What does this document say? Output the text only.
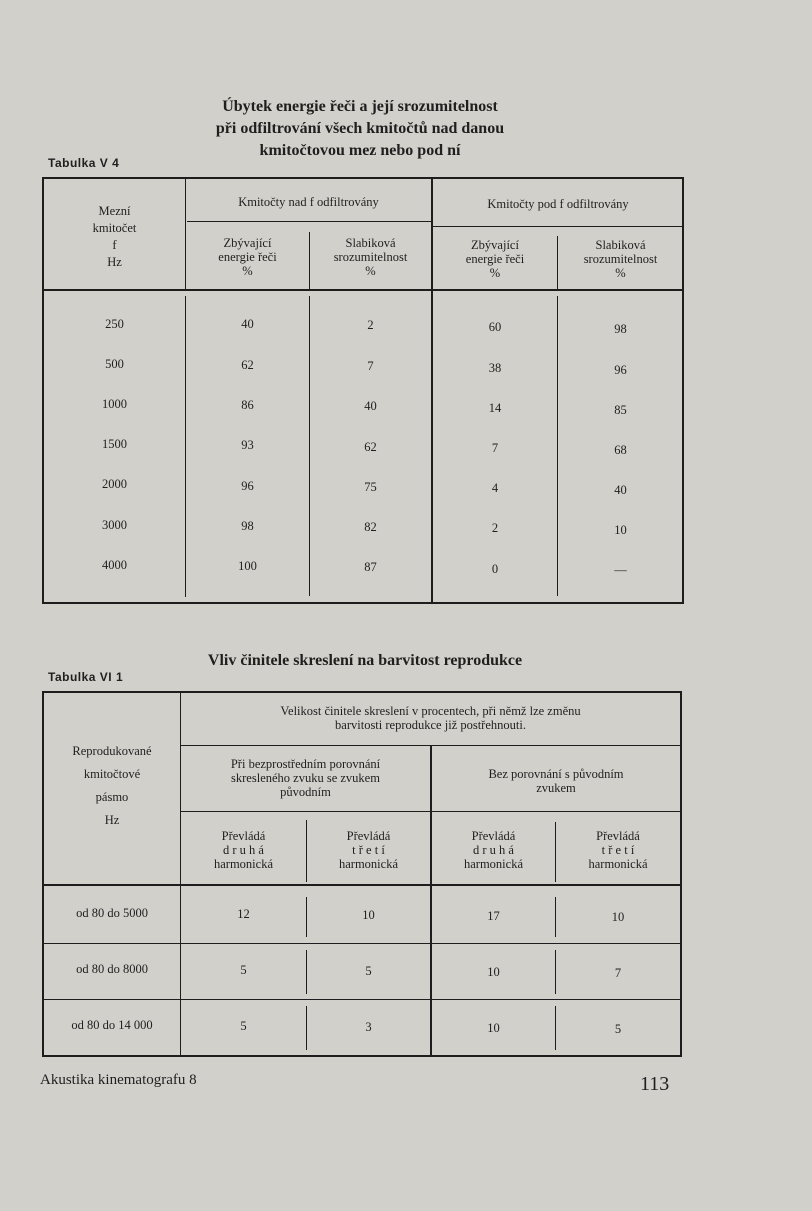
Úbytek energie řeči a její srozumitelnost
při odfiltrování všech kmitočtů nad danou
kmitočtovou mez nebo pod ní
Tabulka V 4
Mezní
kmitočet
f
Hz
Kmitočty nad f odfiltrovány	Kmitočty pod f odfiltrovány
Zbývající
energie řeči
%
Slabiková
srozumitelnost
%
Zbývající
energie řeči
%
Slabiková
srozumitelnost
%
250	40	2	60	98
500	62	7	38	96
1000	86	40	14	85
1500	93	62	7	68
2000	96	75	4	40
3000	98	82	2	10
4000	100	87	0	—
Vliv činitele skreslení na barvitost reprodukce
Tabulka VI 1
Reprodukované
kmitočtové
pásmo
Hz
Velikost činitele skreslení v procentech, při němž lze změnu
barvitosti reprodukce již postřehnouti.
Při bezprostředním porovnání
skresleného zvuku se zvukem
původním
Bez porovnání s původním
zvukem
Převládá
d r u h á
harmonická
Převládá
t ř e t í
harmonická
Převládá
d r u h á
harmonická
Převládá
t ř e t í
harmonická
od 80 do 5000	12	10	17	10
od 80 do 8000	5	5	10	7
od 80 do 14 000	5	3	10	5
Akustika kinematografu 8	113
